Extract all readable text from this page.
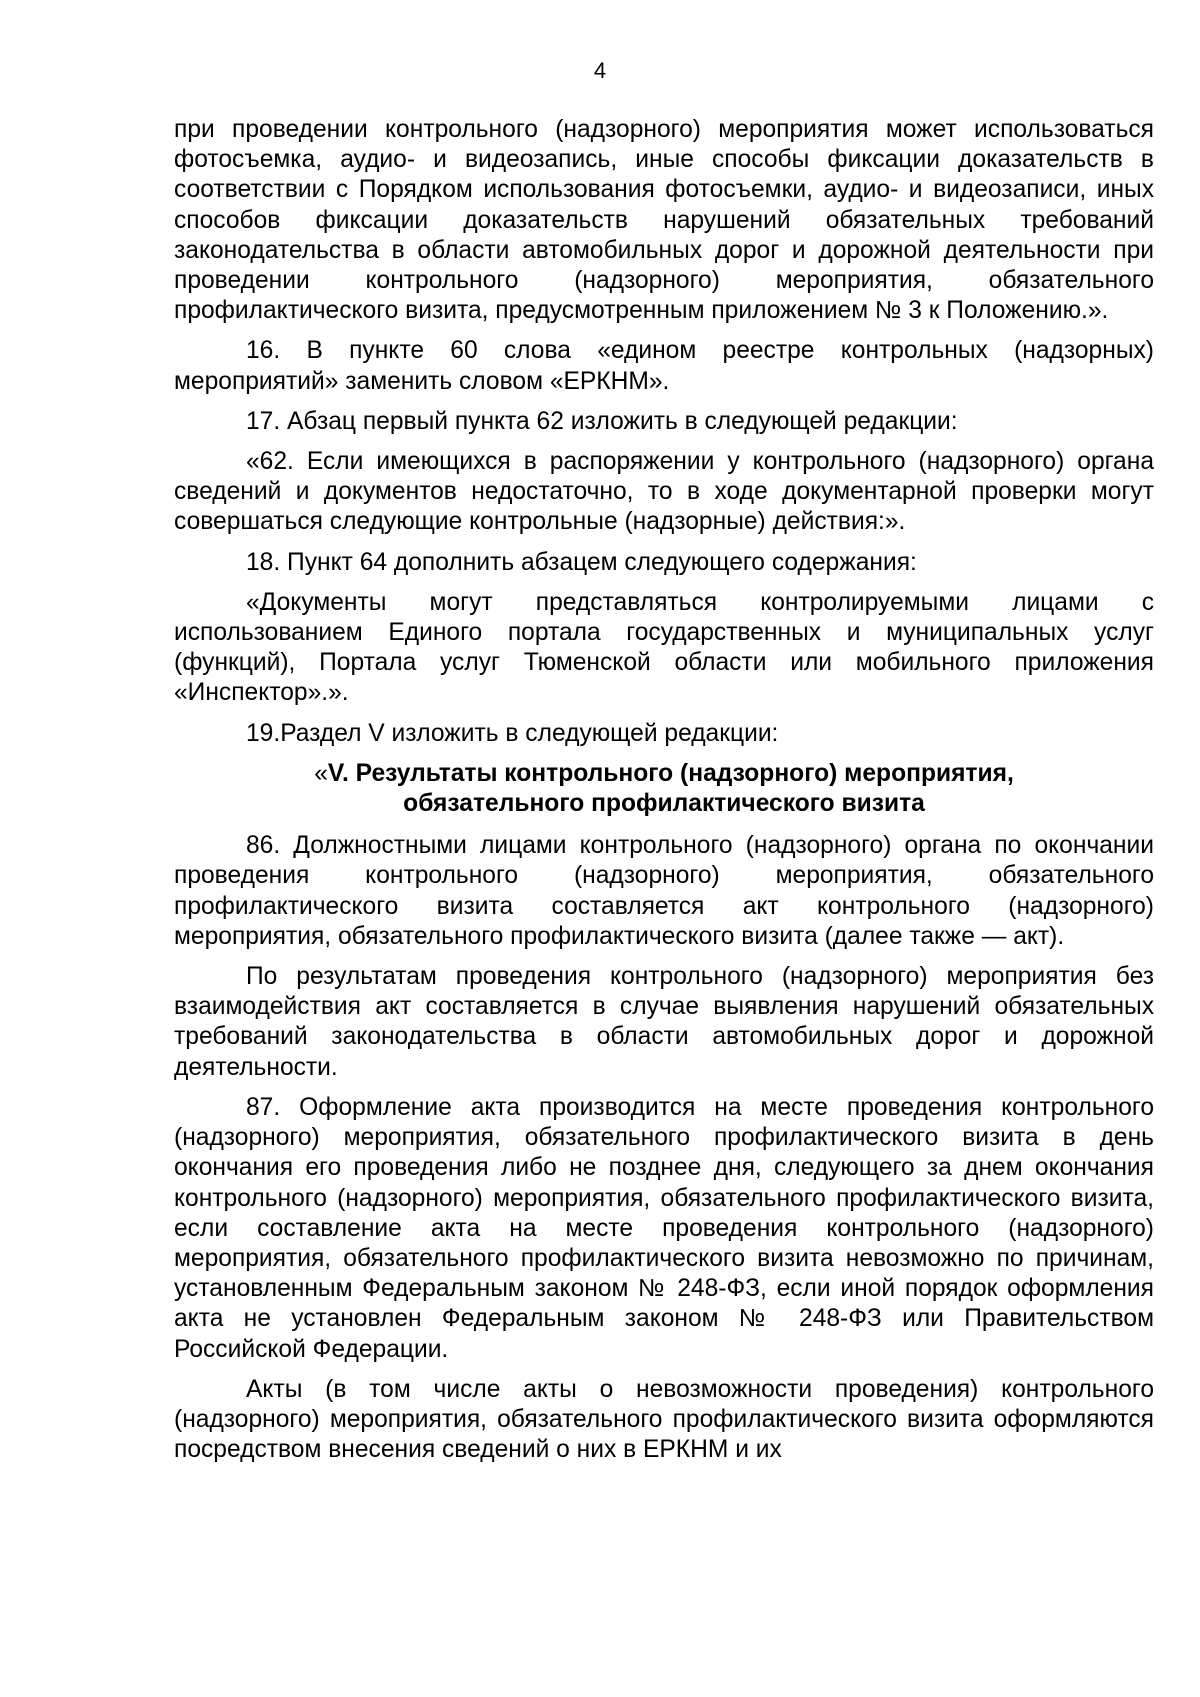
4

при проведении контрольного (надзорного) мероприятия может использоваться фотосъемка, аудио- и видеозапись, иные способы фиксации доказательств в соответствии с Порядком использования фотосъемки, аудио- и видеозаписи, иных способов фиксации доказательств нарушений обязательных требований законодательства в области автомобильных дорог и дорожной деятельности при проведении контрольного (надзорного) мероприятия, обязательного профилактического визита, предусмотренным приложением № 3 к Положению.».

16. В пункте 60 слова «едином реестре контрольных (надзорных) мероприятий» заменить словом «ЕРКНМ».

17. Абзац первый пункта 62 изложить в следующей редакции:

«62. Если имеющихся в распоряжении у контрольного (надзорного) органа сведений и документов недостаточно, то в ходе документарной проверки могут совершаться следующие контрольные (надзорные) действия:».

18. Пункт 64 дополнить абзацем следующего содержания:

«Документы могут представляться контролируемыми лицами с использованием Единого портала государственных и муниципальных услуг (функций), Портала услуг Тюменской области или мобильного приложения «Инспектор».».

19.Раздел V изложить в следующей редакции:

«V. Результаты контрольного (надзорного) мероприятия,
обязательного профилактического визита

86. Должностными лицами контрольного (надзорного) органа по окончании проведения контрольного (надзорного) мероприятия, обязательного профилактического визита составляется акт контрольного (надзорного) мероприятия, обязательного профилактического визита (далее также — акт).

По результатам проведения контрольного (надзорного) мероприятия без взаимодействия акт составляется в случае выявления нарушений обязательных требований законодательства в области автомобильных дорог и дорожной деятельности.

87. Оформление акта производится на месте проведения контрольного (надзорного) мероприятия, обязательного профилактического визита в день окончания его проведения либо не позднее дня, следующего за днем окончания контрольного (надзорного) мероприятия, обязательного профилактического визита, если составление акта на месте проведения контрольного (надзорного) мероприятия, обязательного профилактического визита невозможно по причинам, установленным Федеральным законом № 248-ФЗ, если иной порядок оформления акта не установлен Федеральным законом № 248-ФЗ или Правительством Российской Федерации.

Акты (в том числе акты о невозможности проведения) контрольного (надзорного) мероприятия, обязательного профилактического визита оформляются посредством внесения сведений о них в ЕРКНМ и их
